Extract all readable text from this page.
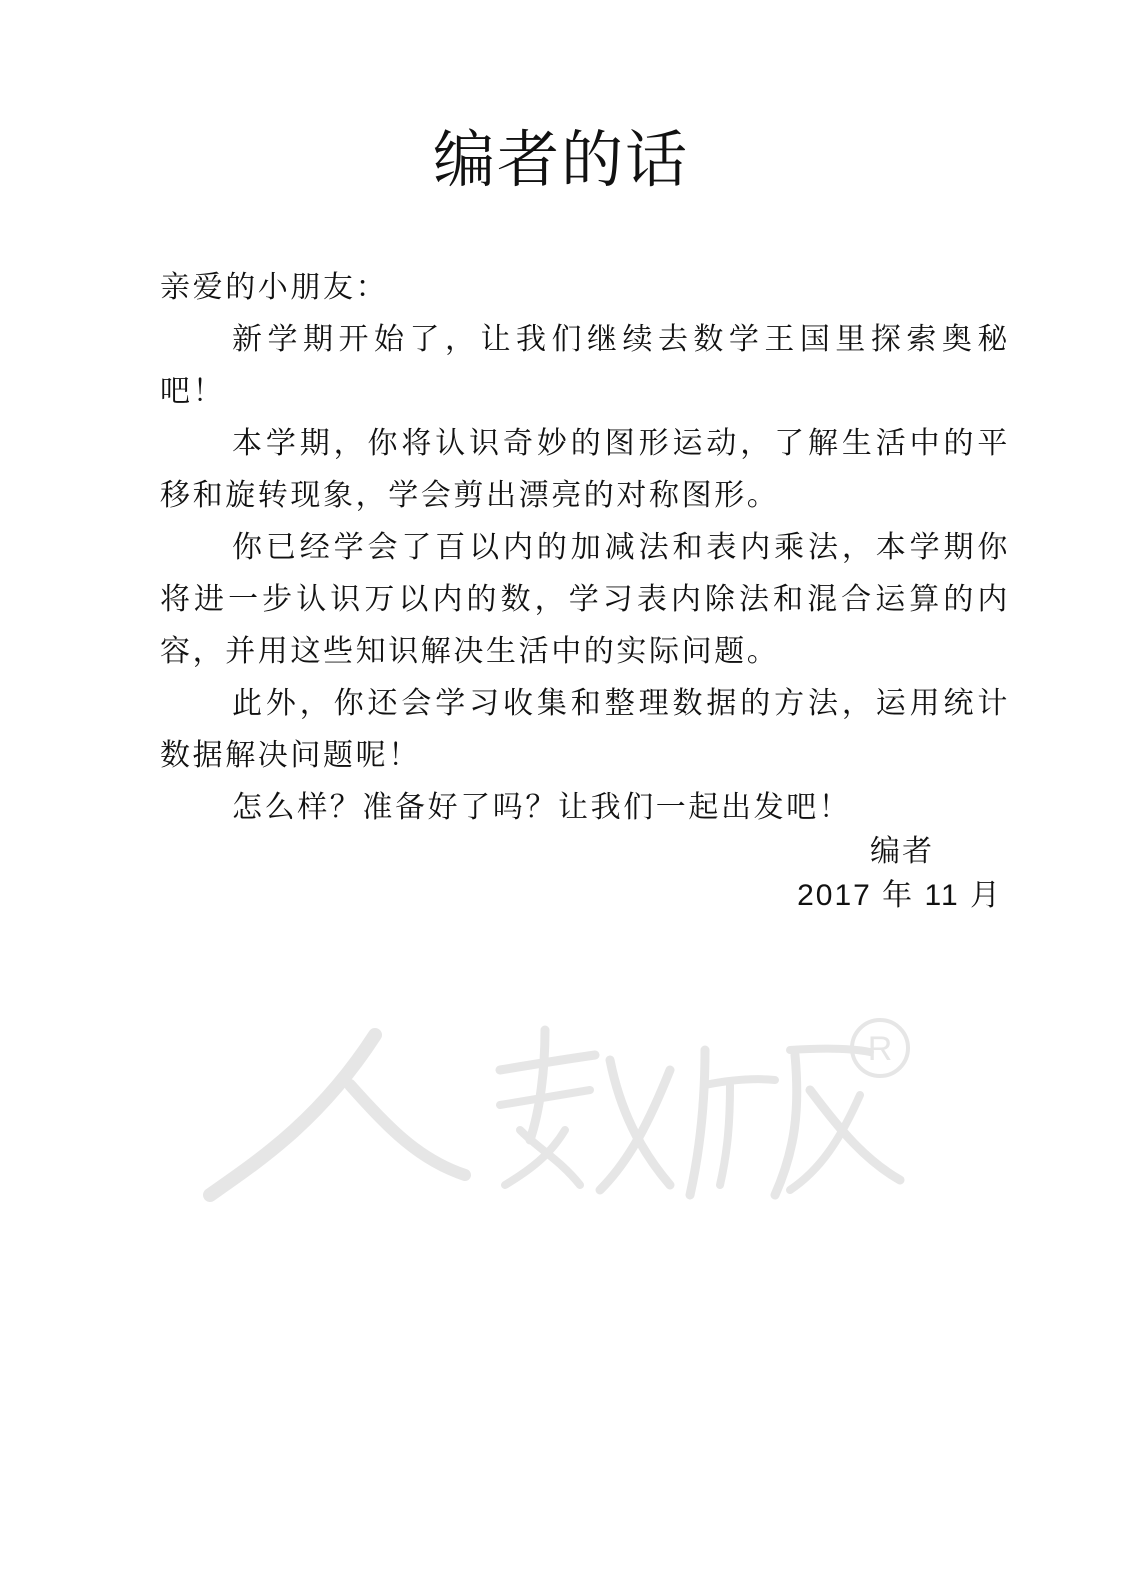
编者的话

亲爱的小朋友：

新学期开始了，让我们继续去数学王国里探索奥秘吧！

本学期，你将认识奇妙的图形运动，了解生活中的平移和旋转现象，学会剪出漂亮的对称图形。

你已经学会了百以内的加减法和表内乘法，本学期你将进一步认识万以内的数，学习表内除法和混合运算的内容，并用这些知识解决生活中的实际问题。

此外，你还会学习收集和整理数据的方法，运用统计数据解决问题呢！

怎么样？准备好了吗？让我们一起出发吧！

编者
2017 年 11 月
R
